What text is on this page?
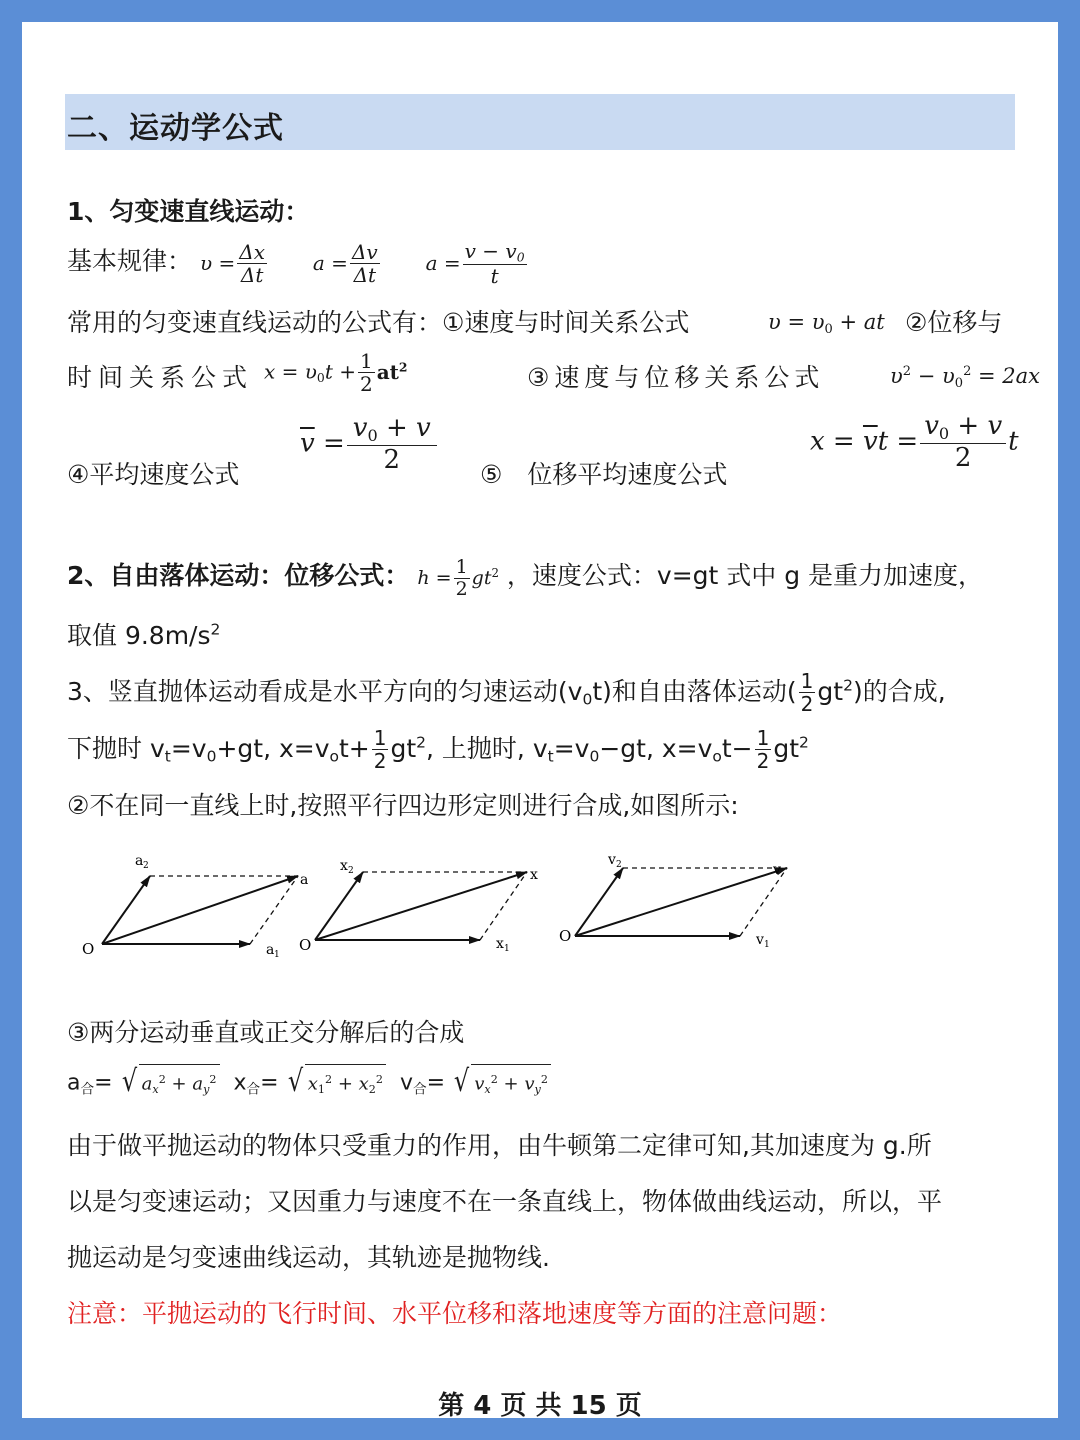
二、运动学公式
1、匀变速直线运动：
基本规律： $\upsilon = \frac{\Delta x}{\Delta t}$ $a = \frac{\Delta v}{\Delta t}$ $a = \frac{v - v_0}{t}$
常用的匀变速直线运动的公式有：①速度与时间关系公式	$\upsilon = \upsilon_0$ + at ②位移与
时间关系公式 $x = \upsilon_0t + \frac{1}{2} at^2$	③速度与位移关系公式	$\upsilon^2 - \upsilon_0^2 = 2ax$
$\overline{v} = \frac{v_0 + v}{2}$
④平均速度公式	⑤　位移平均速度公式
$x = \overline{v}t = \frac{v_0 + v}{2}$ t
2、自由落体运动：位移公式： $h = \frac{1}{2} gt^2$ ，速度公式：v=gt 式中 g 是重力加速度，
取值 $9.8m/s^2$
3、竖直抛体运动看成是水平方向的匀速运动$(v_0t)$和自由落体运动( $\frac{1}{2} gt^2$)的合成,
下抛时 $v_t=v_0+gt$, $x=v_ot+ \frac{1}{2} gt^2$, 上抛时, $v_t=v_0-gt$, $x=v_ot- \frac{1}{2} gt^2$
②不在同一直线上时,按照平行四边形定则进行合成,如图所示:
O
a 2
a 1
a
O
x 2
x 1
x
O
v 2
v 1
v
③两分运动垂直或正交分解后的合成
$a_合=$ √ $a_x^2 + a_y^2$ $x_合=$ √ $x_1^2 + x_2^2$ $v_合=$ √ $v_x^2 + v_y^2$
由于做平抛运动的物体只受重力的作用，由牛顿第二定律可知,其加速度为 g.所
以是匀变速运动；又因重力与速度不在一条直线上，物体做曲线运动，所以，平
抛运动是匀变速曲线运动，其轨迹是抛物线.
注意：平抛运动的飞行时间、水平位移和落地速度等方面的注意问题：
第 4 页 共 15 页
